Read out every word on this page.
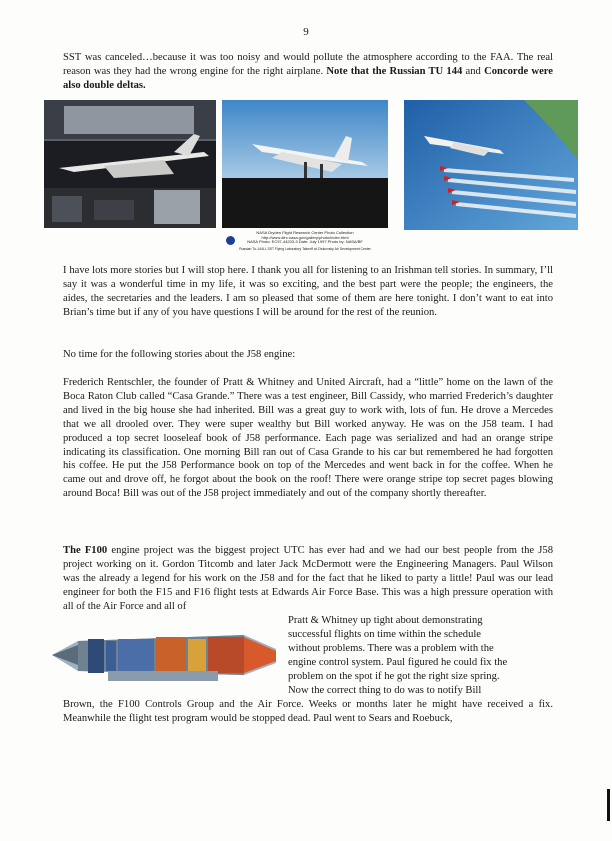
9

SST was canceled…because it was too noisy and would pollute the atmosphere according to the FAA. The real reason was they had the wrong engine for the right airplane. Note that the Russian TU 144 and Concorde were also double deltas.

NASA Dryden Flight Research Center Photo Collection
http://www.dfrc.nasa.gov/gallery/photo/index.html
NASA Photo: EC97-44203-3 Date: July 1997 Photo by: NASA/BF
Russian Tu-144LL SST Flying Laboratory Takeoff at Zhukovsky Air Development Center

I have lots more stories but I will stop here. I thank you all for listening to an Irishman tell stories. In summary, I’ll say it was a wonderful time in my life, it was so exciting, and the best part were the people; the engineers, the aides, the secretaries and the leaders. I am so pleased that some of them are here tonight. I don’t want to eat into Brian’s time but if any of you have questions I will be around for the rest of the reunion.

No time for the following stories about the J58 engine:

Frederich Rentschler, the founder of Pratt & Whitney and United Aircraft, had a “little” home on the lawn of the Boca Raton Club called “Casa Grande.” There was a test engineer, Bill Cassidy, who married Frederich’s daughter and lived in the big house she had inherited. Bill was a great guy to work with, lots of fun. He drove a Mercedes that we all drooled over. They were super wealthy but Bill worked anyway. He was on the J58 team. I had produced a top secret looseleaf book of J58 performance. Each page was serialized and had an orange stripe indicating its classification. One morning Bill ran out of Casa Grande to his car but remembered he had forgotten his coffee. He put the J58 Performance book on top of the Mercedes and went back in for the coffee. When he came out and drove off, he forgot about the book on the roof! There were orange stripe top secret pages blowing around Boca! Bill was out of the J58 project immediately and out of the company shortly thereafter.

The F100 engine project was the biggest project UTC has ever had and we had our best people from the J58 project working on it. Gordon Titcomb and later Jack McDermott were the Engineering Managers. Paul Wilson was the already a legend for his work on the J58 and for the fact that he liked to party a little! Paul was our lead engineer for both the F15 and F16 flight tests at Edwards Air Force Base. This was a high pressure operation with all of the Air Force and all of

Pratt & Whitney up tight about demonstrating
successful flights on time within the schedule
without problems. There was a problem with the
engine control system. Paul figured he could fix the
problem on the spot if he got the right size spring.
Now the correct thing to do was to notify Bill

Brown, the F100 Controls Group and the Air Force. Weeks or months later he might have received a fix. Meanwhile the flight test program would be stopped dead. Paul went to Sears and Roebuck,
